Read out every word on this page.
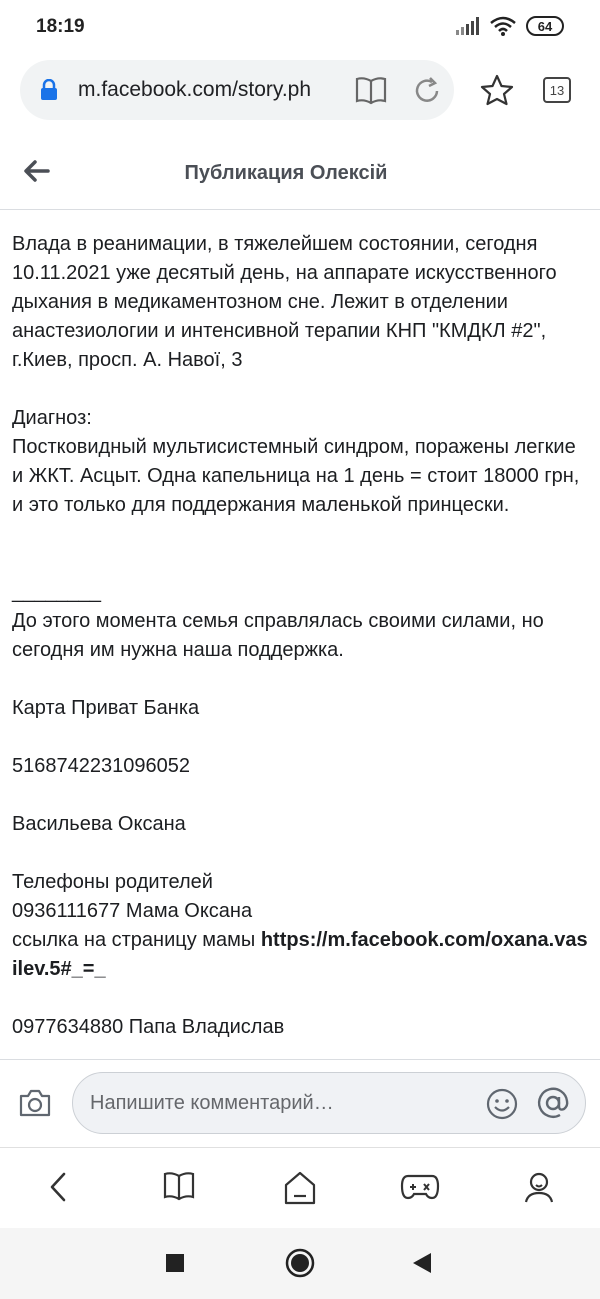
18:19	64
m.facebook.com/story.ph	13
Публикация Олексій
Влада в реанимации, в тяжелейшем состоянии, сегодня 10.11.2021 уже десятый день, на аппарате искусственного дыхания в медикаментозном сне. Лежит в отделении анастезиологии и интенсивной терапии КНП "КМДКЛ #2", г.Киев, просп. А. Навої, 3
Диагноз:
Постковидный мультисистемный синдром, поражены легкие и ЖКТ. Асцыт. Одна капельница на 1 день = стоит 18000 грн, и это только для поддержания маленькой принцески.
________
До этого момента семья справлялась своими силами, но сегодня им нужна наша поддержка.
Карта Приват Банка
5168742231096052
Васильева Оксана
Телефоны родителей
0936111677 Мама Оксана
ссылка на страницу мамы https://m.facebook.com/oxana.vasilev.5#_=_
0977634880 Папа Владислав
Напишите комментарий…
